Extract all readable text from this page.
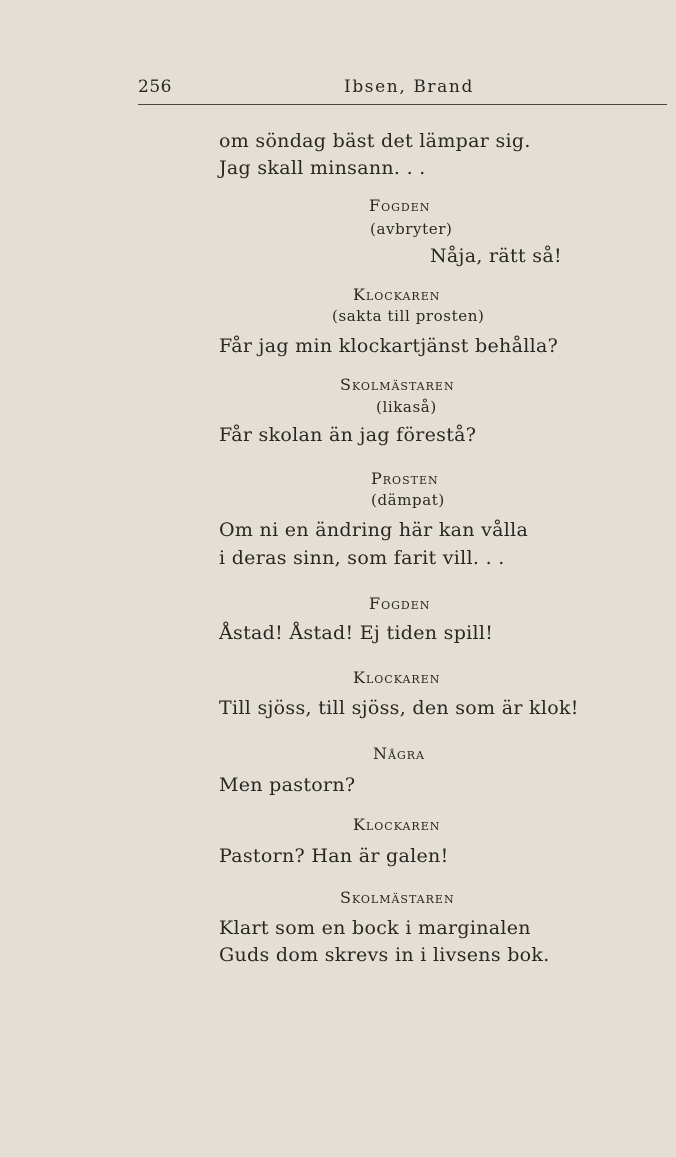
256	Ibsen, Brand
om söndag bäst det lämpar sig.
Jag skall minsann. . .
Fogden
(avbryter)
Nåja, rätt så!
Klockaren
(sakta till prosten)
Får jag min klockartjänst behålla?
Skolmästaren
(likaså)
Får skolan än jag förestå?
Prosten
(dämpat)
Om ni en ändring här kan vålla
i deras sinn, som farit vill. . .
Fogden
Åstad! Åstad! Ej tiden spill!
Klockaren
Till sjöss, till sjöss, den som är klok!
Några
Men pastorn?
Klockaren
Pastorn? Han är galen!
Skolmästaren
Klart som en bock i marginalen
Guds dom skrevs in i livsens bok.
